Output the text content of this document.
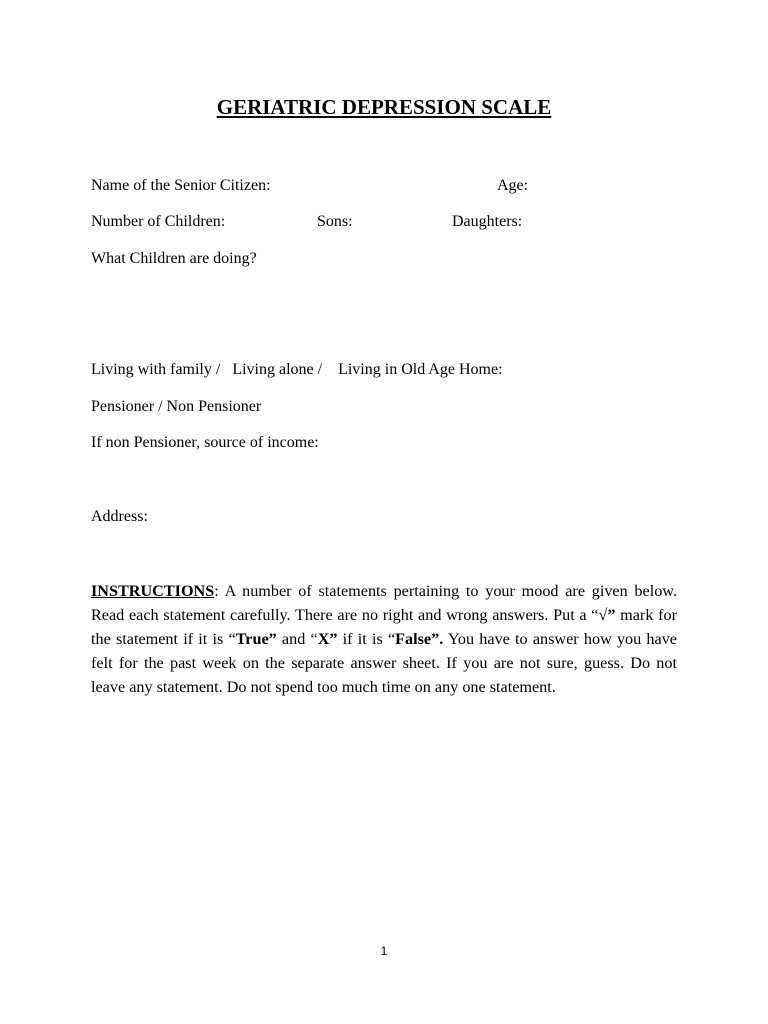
GERIATRIC DEPRESSION SCALE
Name of the Senior Citizen:	Age:
Number of Children:	Sons:	Daughters:
What Children are doing?
Living with family /   Living alone /    Living in Old Age Home:
Pensioner / Non Pensioner
If non Pensioner, source of income:
Address:
INSTRUCTIONS: A number of statements pertaining to your mood are given below. Read each statement carefully. There are no right and wrong answers. Put a “√” mark for the statement if it is “True” and “X” if it is “False”. You have to answer how you have felt for the past week on the separate answer sheet. If you are not sure, guess. Do not leave any statement. Do not spend too much time on any one statement.
1
